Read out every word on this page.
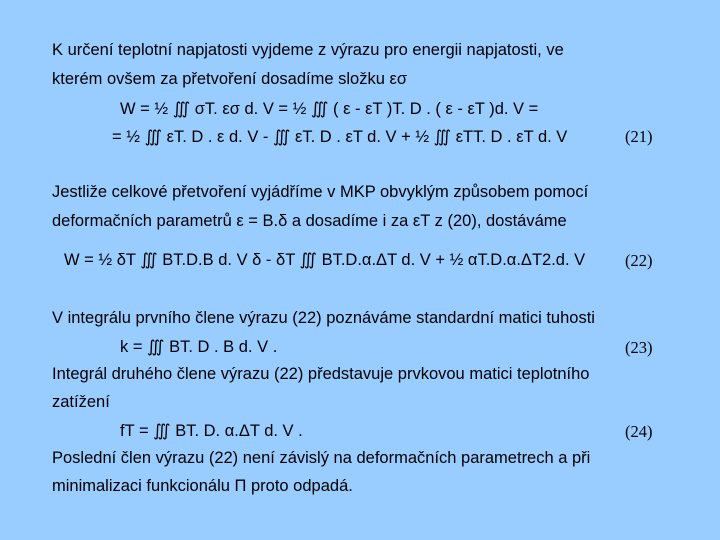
K určení teplotní napjatosti vyjdeme z výrazu pro energii napjatosti, ve
kterém ovšem za přetvoření dosadíme složku εσ
W = ½ ∭ σT. εσ d. V = ½ ∭ ( ε - εT )T. D . ( ε - εT )d. V =
= ½ ∭ εT. D . ε d. V - ∭ εT. D . εT d. V + ½ ∭ εTT. D . εT d. V	(21)
Jestliže celkové přetvoření vyjádříme v MKP obvyklým způsobem pomocí
deformačních parametrů ε = B.δ a dosadíme i za εT z (20), dostáváme
W = ½ δT ∭ BT.D.B d. V δ - δT ∭ BT.D.α.ΔT d. V + ½ αT.D.α.ΔT2.d. V (22)
V integrálu prvního člene výrazu (22) poznáváme standardní matici tuhosti
k = ∭ BT. D . B d. V .	(23)
Integrál druhého člene výrazu (22) představuje prvkovou matici teplotního
zatížení
fT = ∭ BT. D. α.ΔT d. V .	(24)
Poslední člen výrazu (22) není závislý na deformačních parametrech a při
minimalizaci funkcionálu Π proto odpadá.
